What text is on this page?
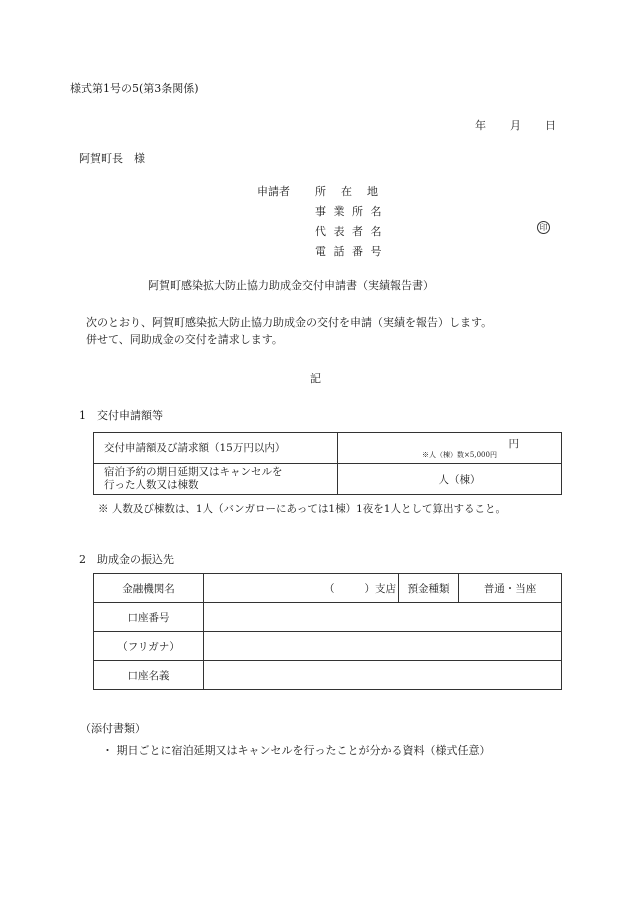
様式第1号の5(第3条関係)
年 月 日
阿賀町長　様
申請者 所　在　地
事 業 所 名
代 表 者 名
電 話 番 号
印
阿賀町感染拡大防止協力助成金交付申請書（実績報告書）
次のとおり、阿賀町感染拡大防止協力助成金の交付を申請（実績を報告）します。
併せて、同助成金の交付を請求します。
記
1　交付申請額等
交付申請額及び請求額（15万円以内）	円
※人（棟）数×5,000円

宿泊予約の期日延期又はキャンセルを
行った人数又は棟数	人（棟）
※ 人数及び棟数は、1人（バンガローにあっては1棟）1夜を1人として算出すること。
2　助成金の振込先
金融機関名	（ ）支店	預金種類	普通・当座
口座番号			
（フリガナ）			
口座名義			
（添付書類）
・ 期日ごとに宿泊延期又はキャンセルを行ったことが分かる資料（様式任意）
